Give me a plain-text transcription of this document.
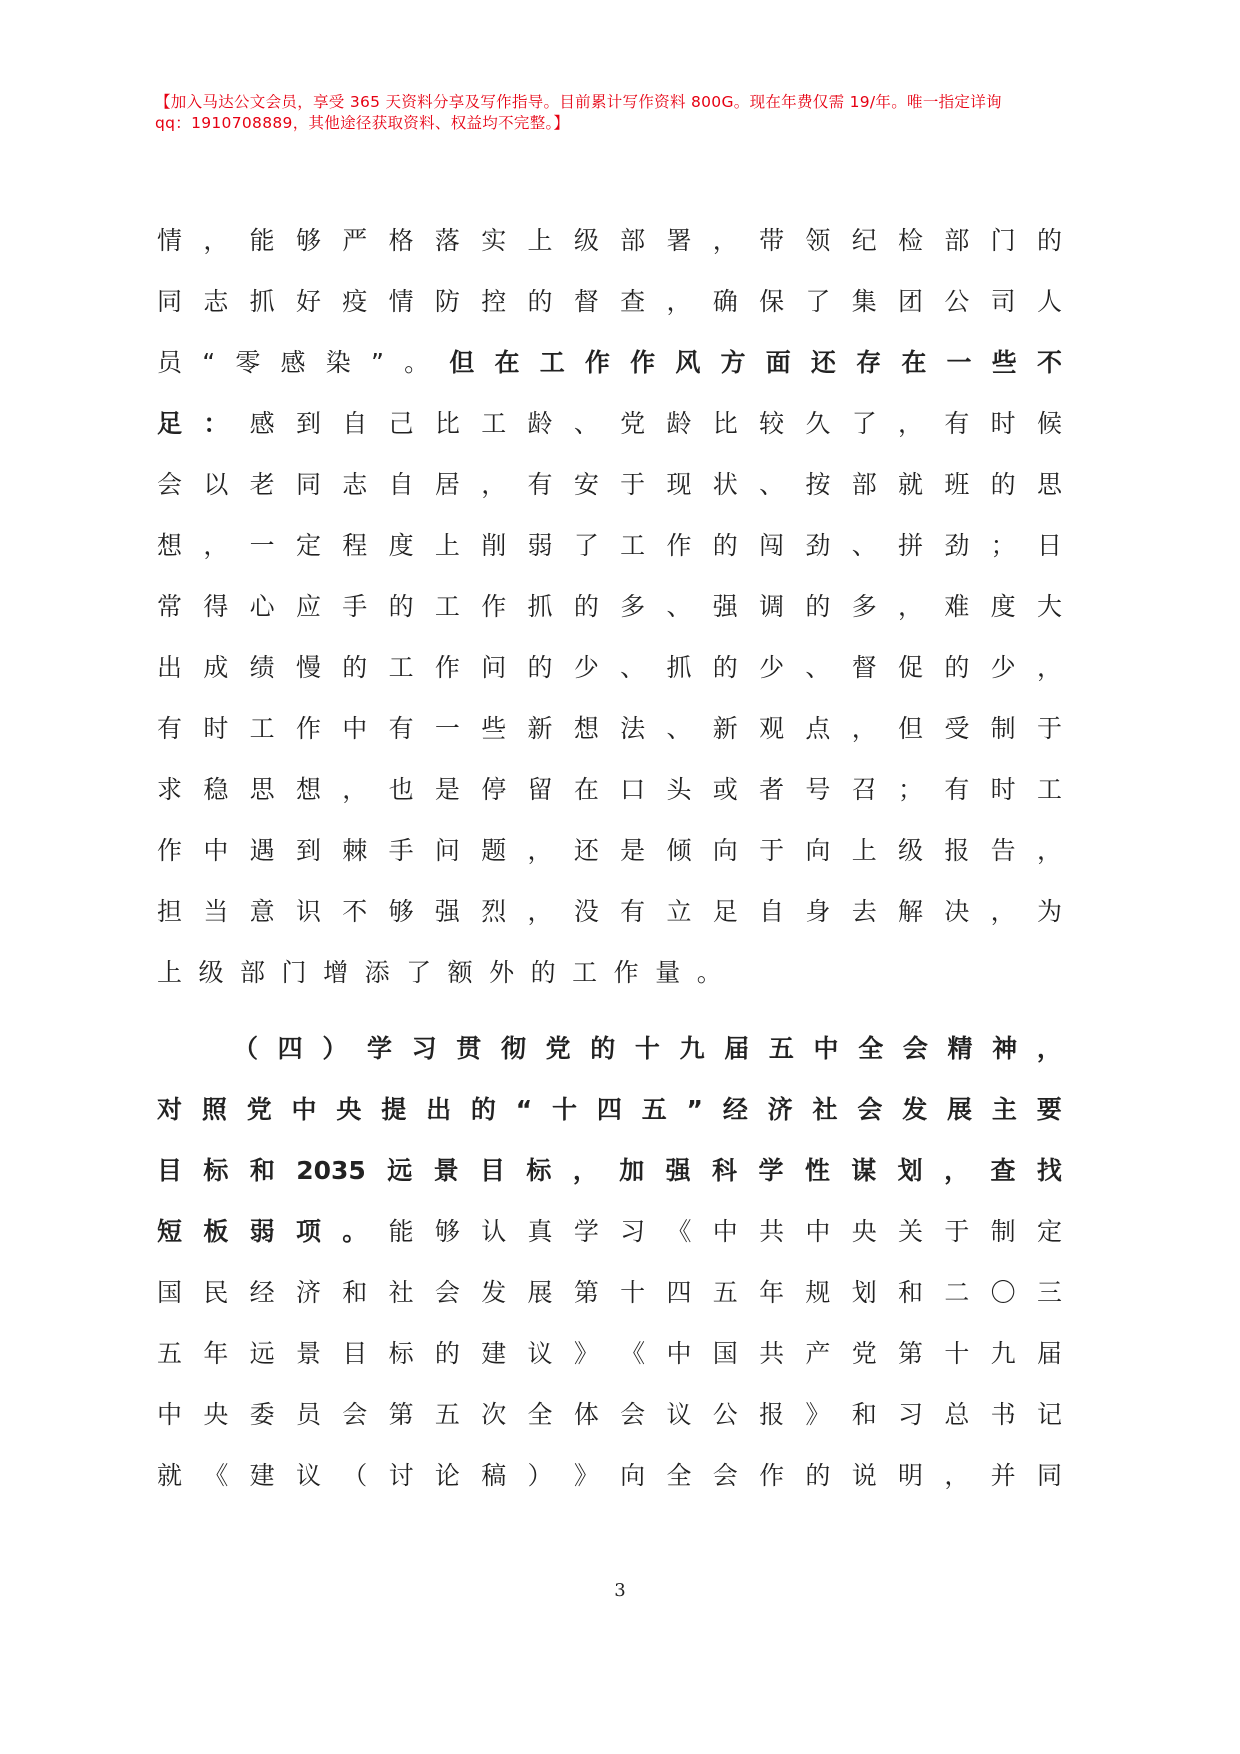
【加入马达公文会员，享受 365 天资料分享及写作指导。目前累计写作资料 800G。现在年费仅需 19/年。唯一指定详询
qq：1910708889，其他途径获取资料、权益均不完整。】
情 ， 能 够 严 格 落 实 上 级 部 署 ， 带 领 纪 检 部 门 的
同 志 抓 好 疫 情 防 控 的 督 查 ， 确 保 了 集 团 公 司 人
员 “ 零 感 染 ” 。 但 在 工 作 作 风 方 面 还 存 在 一 些 不
足 ： 感 到 自 己 比 工 龄 、 党 龄 比 较 久 了 ， 有 时 候
会 以 老 同 志 自 居 ， 有 安 于 现 状 、 按 部 就 班 的 思
想 ， 一 定 程 度 上 削 弱 了 工 作 的 闯 劲 、 拼 劲 ； 日
常 得 心 应 手 的 工 作 抓 的 多 、 强 调 的 多 ， 难 度 大
出 成 绩 慢 的 工 作 问 的 少 、 抓 的 少 、 督 促 的 少 ，
有 时 工 作 中 有 一 些 新 想 法 、 新 观 点 ， 但 受 制 于
求 稳 思 想 ， 也 是 停 留 在 口 头 或 者 号 召 ； 有 时 工
作 中 遇 到 棘 手 问 题 ， 还 是 倾 向 于 向 上 级 报 告 ，
担 当 意 识 不 够 强 烈 ， 没 有 立 足 自 身 去 解 决 ， 为
上 级 部 门 增 添 了 额 外 的 工 作 量 。
（ 四 ） 学 习 贯 彻 党 的 十 九 届 五 中 全 会 精 神 ，
对 照 党 中 央 提 出 的 “ 十 四 五 ” 经 济 社 会 发 展 主 要
目 标 和 2035 远 景 目 标 ， 加 强 科 学 性 谋 划 ， 查 找
短 板 弱 项 。 能 够 认 真 学 习 《 中 共 中 央 关 于 制 定
国 民 经 济 和 社 会 发 展 第 十 四 五 年 规 划 和 二 〇 三
五 年 远 景 目 标 的 建 议 》 《 中 国 共 产 党 第 十 九 届
中 央 委 员 会 第 五 次 全 体 会 议 公 报 》 和 习 总 书 记
就 《 建 议 （ 讨 论 稿 ） 》 向 全 会 作 的 说 明 ， 并 同
3
